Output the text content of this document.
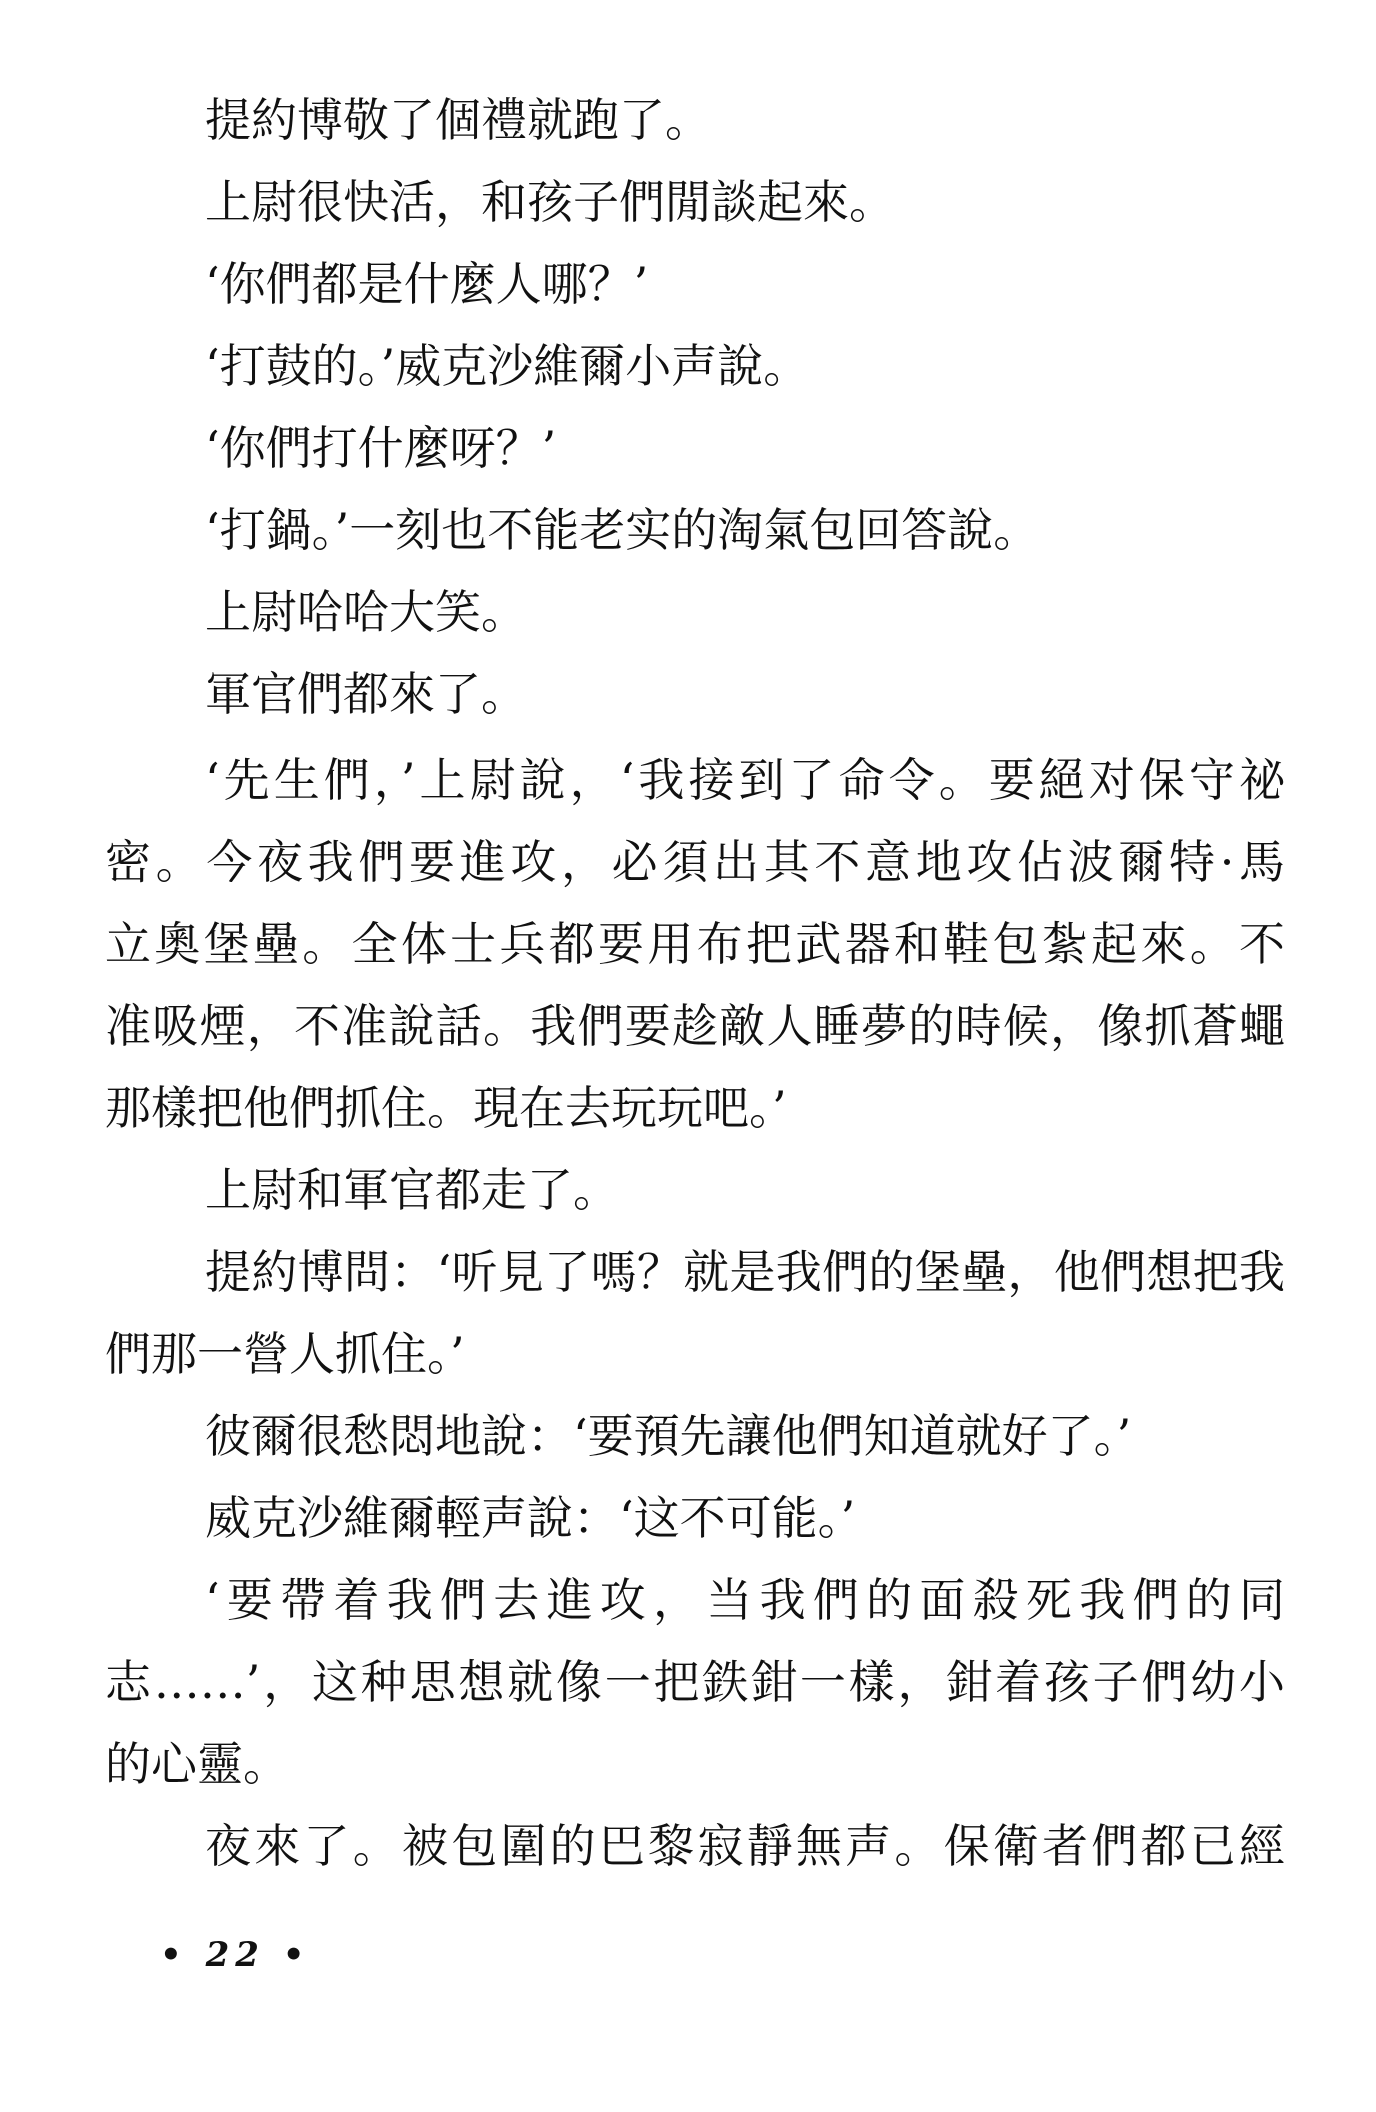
提約博敬了個禮就跑了。
上尉很快活，和孩子們閒談起來。
‘你們都是什麼人哪？’
‘打鼓的。’威克沙維爾小声說。
‘你們打什麼呀？’
‘打鍋。’一刻也不能老实的淘氣包回答說。
上尉哈哈大笑。
軍官們都來了。
‘先生們，’上尉說，‘我接到了命令。要絕对保守祕
密。今夜我們要進攻，必須出其不意地攻佔波爾特·馬
立奧堡壘。全体士兵都要用布把武器和鞋包紮起來。不
准吸煙，不准說話。我們要趁敵人睡夢的時候，像抓蒼蠅
那樣把他們抓住。現在去玩玩吧。’
上尉和軍官都走了。
提約博問：‘听見了嗎？就是我們的堡壘，他們想把我
們那一營人抓住。’
彼爾很愁悶地說：‘要預先讓他們知道就好了。’
威克沙維爾輕声說：‘这不可能。’
‘要帶着我們去進攻，当我們的面殺死我們的同
志……’，这种思想就像一把鉄鉗一樣，鉗着孩子們幼小
的心靈。
夜來了。被包圍的巴黎寂靜無声。保衛者們都已經
• 22 •
